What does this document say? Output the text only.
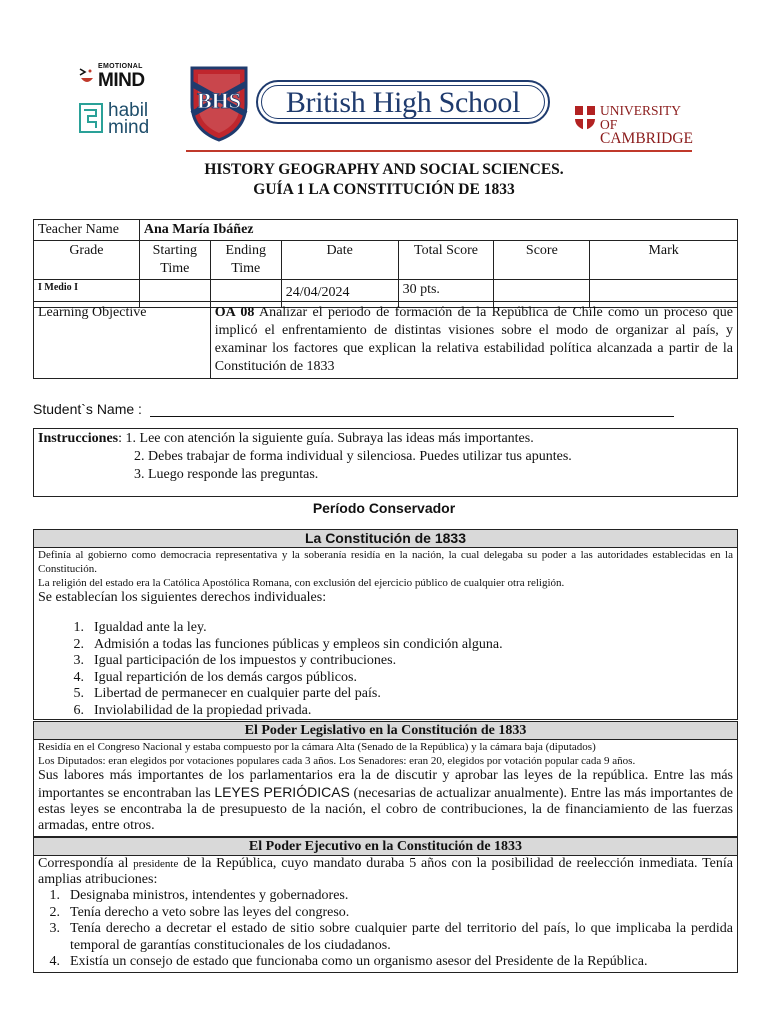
EMOTIONAL
MIND
habil
mind
BHS	British High School	UNIVERSITY OF
CAMBRIDGE
HISTORY GEOGRAPHY AND SOCIAL SCIENCES.
GUÍA 1 LA CONSTITUCIÓN DE 1833
Teacher Name	Ana María Ibáñez					
Grade	Starting Time	Ending Time	Date	Total Score	Score	Mark
I Medio I			24/04/2024	30 pts.		
Learning Objective	OA 08 Analizar el periodo de formación de la República de Chile como un proceso que implicó el enfrentamiento de distintas visiones sobre el modo de organizar al país, y examinar los factores que explican la relativa estabilidad política alcanzada a partir de la Constitución de 1833
Student`s Name :
Instrucciones: 1. Lee con atención la siguiente guía. Subraya las ideas más importantes.
2. Debes trabajar de forma individual y silenciosa. Puedes utilizar tus apuntes.
3. Luego responde las preguntas.
Período Conservador
La Constitución de 1833
Definía al gobierno como democracia representativa y la soberanía residía en la nación, la cual delegaba su poder a las autoridades establecidas en la Constitución.
La religión del estado era la Católica Apostólica Romana, con exclusión del ejercicio público de cualquier otra religión.
Se establecían los siguientes derechos individuales:
1. Igualdad ante la ley.
2. Admisión a todas las funciones públicas y empleos sin condición alguna.
3. Igual participación de los impuestos y contribuciones.
4. Igual repartición de los demás cargos públicos.
5. Libertad de permanecer en cualquier parte del país.
6. Inviolabilidad de la propiedad privada.
El Poder Legislativo en la Constitución de 1833
Residía en el Congreso Nacional y estaba compuesto por la cámara Alta (Senado de la República) y la cámara baja (diputados)
Los Diputados: eran elegidos por votaciones populares cada 3 años. Los Senadores: eran 20, elegidos por votación popular cada 9 años.
Sus labores más importantes de los parlamentarios era la de discutir y aprobar las leyes de la república. Entre las más importantes se encontraban las LEYES PERIÓDICAS (necesarias de actualizar anualmente). Entre las más importantes de estas leyes se encontraba la de presupuesto de la nación, el cobro de contribuciones, la de financiamiento de las fuerzas armadas, entre otros.
El Poder Ejecutivo en la Constitución de 1833
Correspondía al presidente de la República, cuyo mandato duraba 5 años con la posibilidad de reelección inmediata. Tenía amplias atribuciones:
1. Designaba ministros, intendentes y gobernadores.
2. Tenía derecho a veto sobre las leyes del congreso.
3. Tenía derecho a decretar el estado de sitio sobre cualquier parte del territorio del país, lo que implicaba la perdida temporal de garantías constitucionales de los ciudadanos.
4. Existía un consejo de estado que funcionaba como un organismo asesor del Presidente de la República.
